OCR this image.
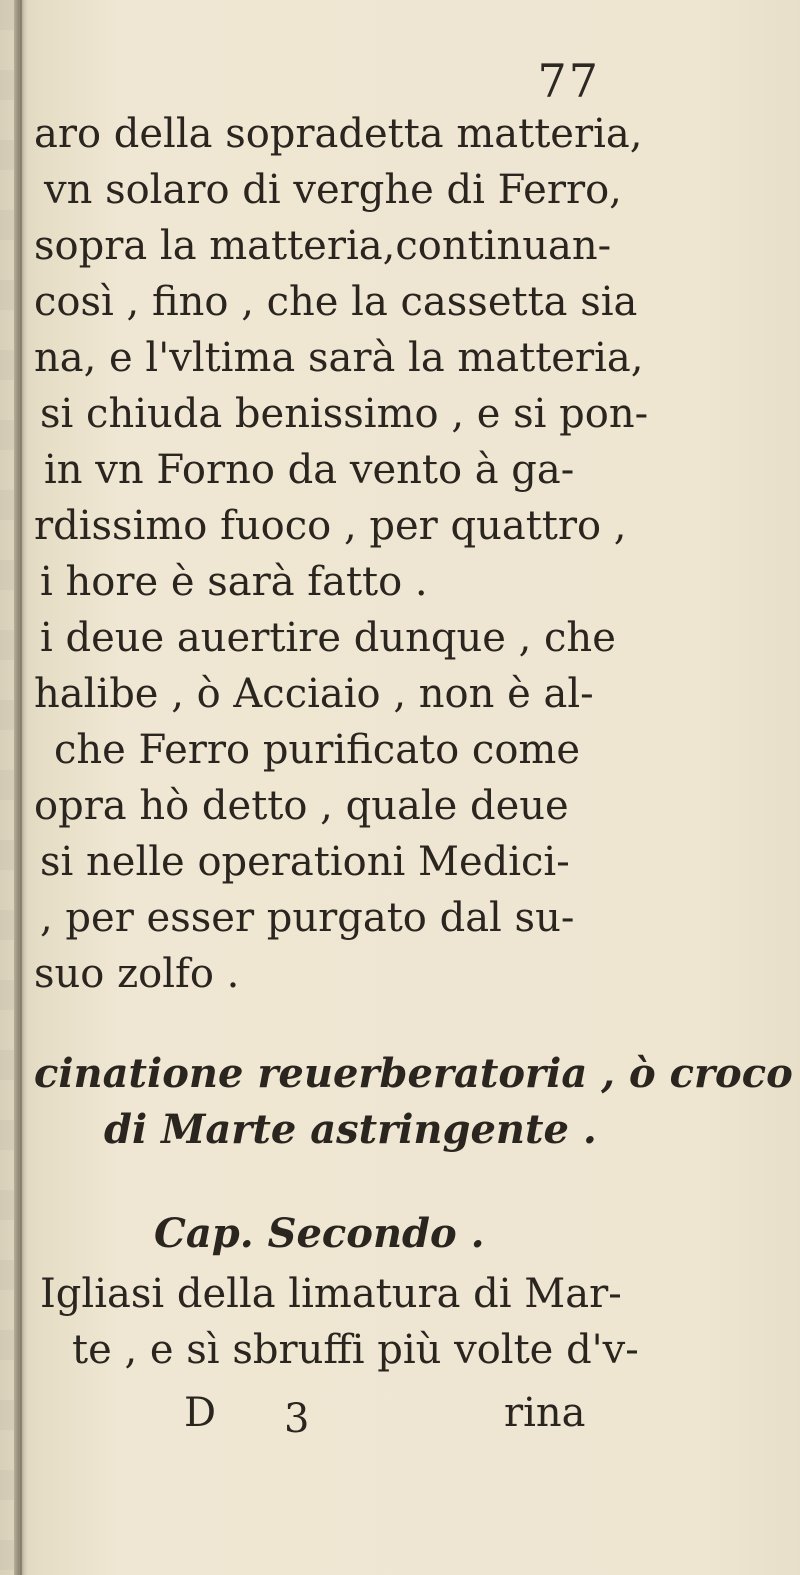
77
aro della sopradetta matteria,
vn solaro di verghe di Ferro,
sopra la matteria,continuan-
così , fino , che la cassetta sia
na, e l'vltima sarà la matteria,
si chiuda benissimo , e si pon-
in vn Forno da vento à ga-
rdissimo fuoco , per quattro ,
i hore è sarà fatto .
i deue auertire dunque , che
halibe , ò Acciaio , non è al-
che Ferro purificato come
opra hò detto , quale deue
si nelle operationi Medici-
, per esser purgato dal su-
suo zolfo .
cinatione reuerberatoria , ò croco
di Marte astringente .
Cap. Secondo .
Igliasi della limatura di Mar-
te , e sì sbruffi più volte d'v-
D 3	rina
